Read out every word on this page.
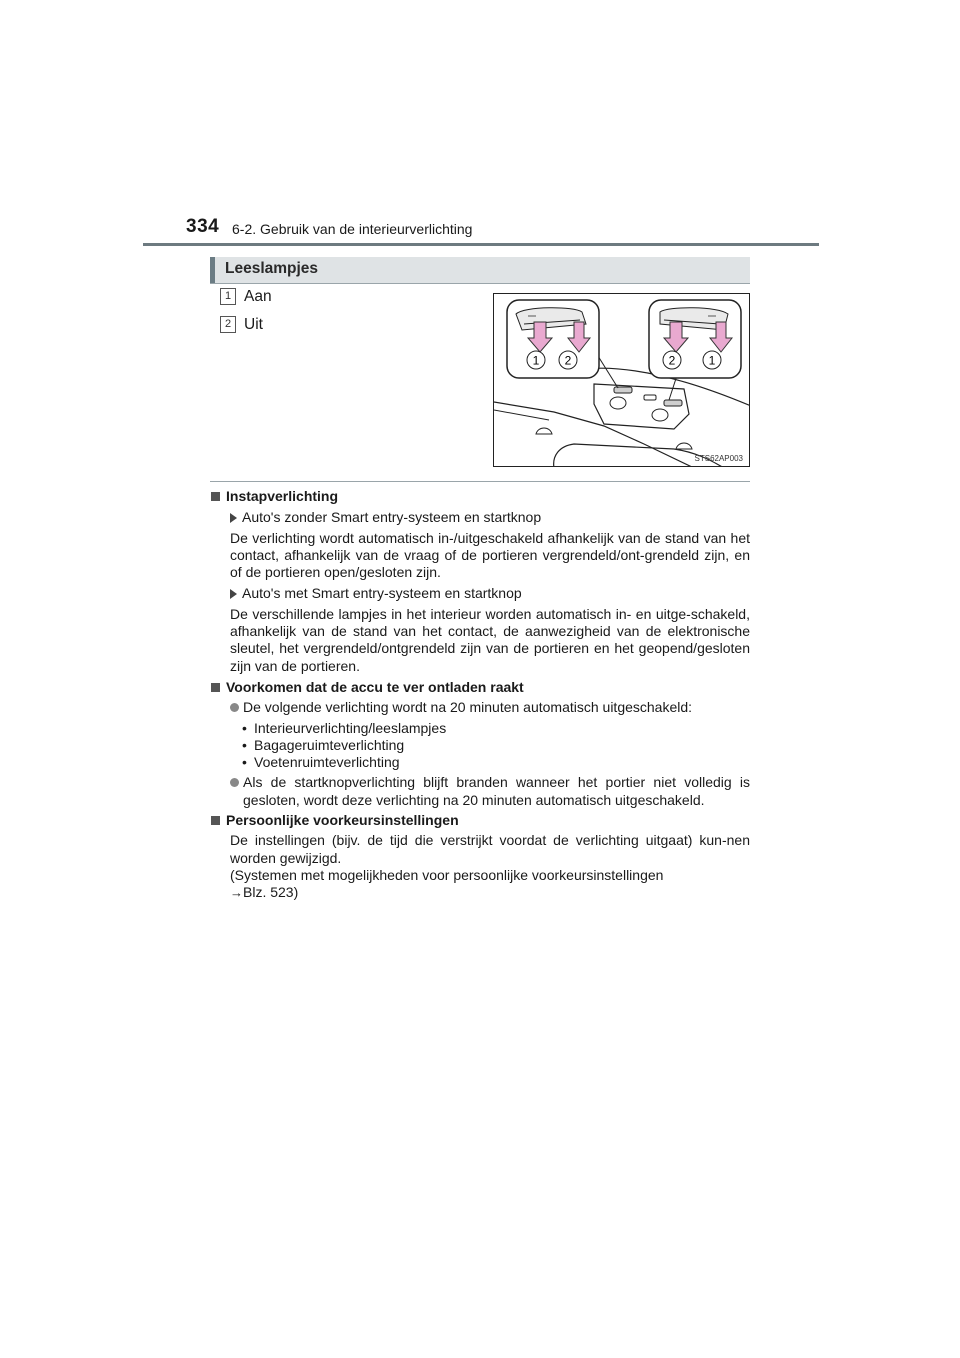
334 6-2. Gebruik van de interieurverlichting
Leeslampjes
1 Aan
2 Uit
1 2	2	1
STS62AP003
Instapverlichting
Auto's zonder Smart entry-systeem en startknop

De verlichting wordt automatisch in-/uitgeschakeld afhankelijk van de stand van het contact, afhankelijk van de vraag of de portieren vergrendeld/ont-grendeld zijn, en of de portieren open/gesloten zijn.

Auto's met Smart entry-systeem en startknop

De verschillende lampjes in het interieur worden automatisch in- en uitge-schakeld, afhankelijk van de stand van het contact, de aanwezigheid van de elektronische sleutel, het vergrendeld/ontgrendeld zijn van de portieren en het geopend/gesloten zijn van de portieren.

Voorkomen dat de accu te ver ontladen raakt
De volgende verlichting wordt na 20 minuten automatisch uitgeschakeld:
• Interieurverlichting/leeslampjes
• Bagageruimteverlichting
• Voetenruimteverlichting
Als de startknopverlichting blijft branden wanneer het portier niet volledig is gesloten, wordt deze verlichting na 20 minuten automatisch uitgeschakeld.
Persoonlijke voorkeursinstellingen

De instellingen (bijv. de tijd die verstrijkt voordat de verlichting uitgaat) kun-nen worden gewijzigd.

(Systemen met mogelijkheden voor persoonlijke voorkeursinstellingen

→Blz. 523)
